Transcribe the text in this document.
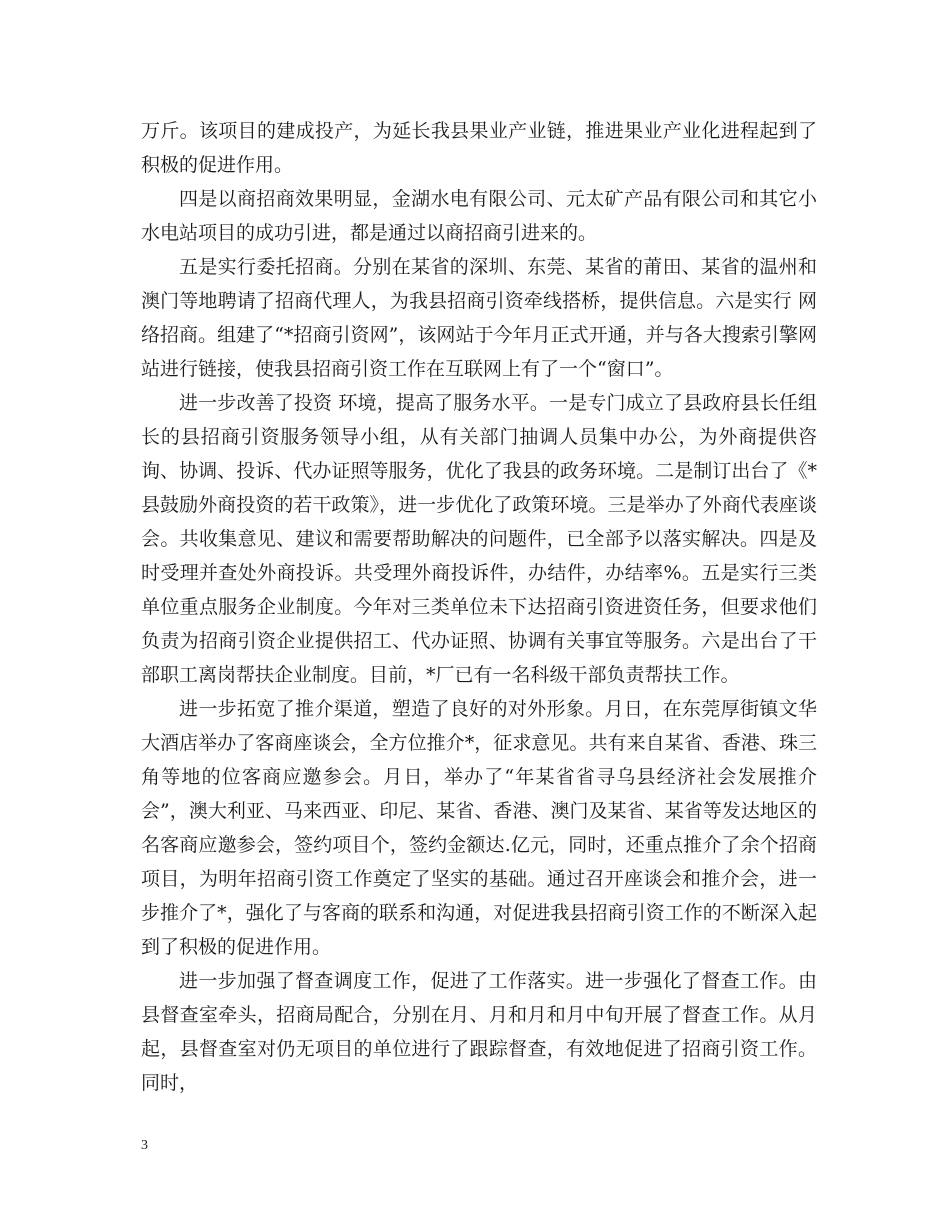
万斤。该项目的建成投产，为延长我县果业产业链，推进果业产业化进程起到了积极的促进作用。

四是以商招商效果明显，金湖水电有限公司、元太矿产品有限公司和其它小水电站项目的成功引进，都是通过以商招商引进来的。

五是实行委托招商。分别在某省的深圳、东莞、某省的莆田、某省的温州和澳门等地聘请了招商代理人，为我县招商引资牵线搭桥，提供信息。六是实行 网络招商。组建了“*招商引资网”，该网站于今年月正式开通，并与各大搜索引擎网站进行链接，使我县招商引资工作在互联网上有了一个“窗口”。

进一步改善了投资 环境，提高了服务水平。一是专门成立了县政府县长任组长的县招商引资服务领导小组，从有关部门抽调人员集中办公，为外商提供咨询、协调、投诉、代办证照等服务，优化了我县的政务环境。二是制订出台了《*县鼓励外商投资的若干政策》，进一步优化了政策环境。三是举办了外商代表座谈会。共收集意见、建议和需要帮助解决的问题件，已全部予以落实解决。四是及时受理并查处外商投诉。共受理外商投诉件，办结件，办结率%。五是实行三类单位重点服务企业制度。今年对三类单位未下达招商引资进资任务，但要求他们负责为招商引资企业提供招工、代办证照、协调有关事宜等服务。六是出台了干部职工离岗帮扶企业制度。目前，*厂已有一名科级干部负责帮扶工作。

进一步拓宽了推介渠道，塑造了良好的对外形象。月日，在东莞厚街镇文华大酒店举办了客商座谈会，全方位推介*，征求意见。共有来自某省、香港、珠三角等地的位客商应邀参会。月日，举办了“年某省省寻乌县经济社会发展推介会”，澳大利亚、马来西亚、印尼、某省、香港、澳门及某省、某省等发达地区的名客商应邀参会，签约项目个，签约金额达.亿元，同时，还重点推介了余个招商项目，为明年招商引资工作奠定了坚实的基础。通过召开座谈会和推介会，进一步推介了*，强化了与客商的联系和沟通，对促进我县招商引资工作的不断深入起到了积极的促进作用。

进一步加强了督查调度工作，促进了工作落实。进一步强化了督查工作。由县督查室牵头，招商局配合，分别在月、月和月和月中旬开展了督查工作。从月起，县督查室对仍无项目的单位进行了跟踪督查，有效地促进了招商引资工作。同时，

3
